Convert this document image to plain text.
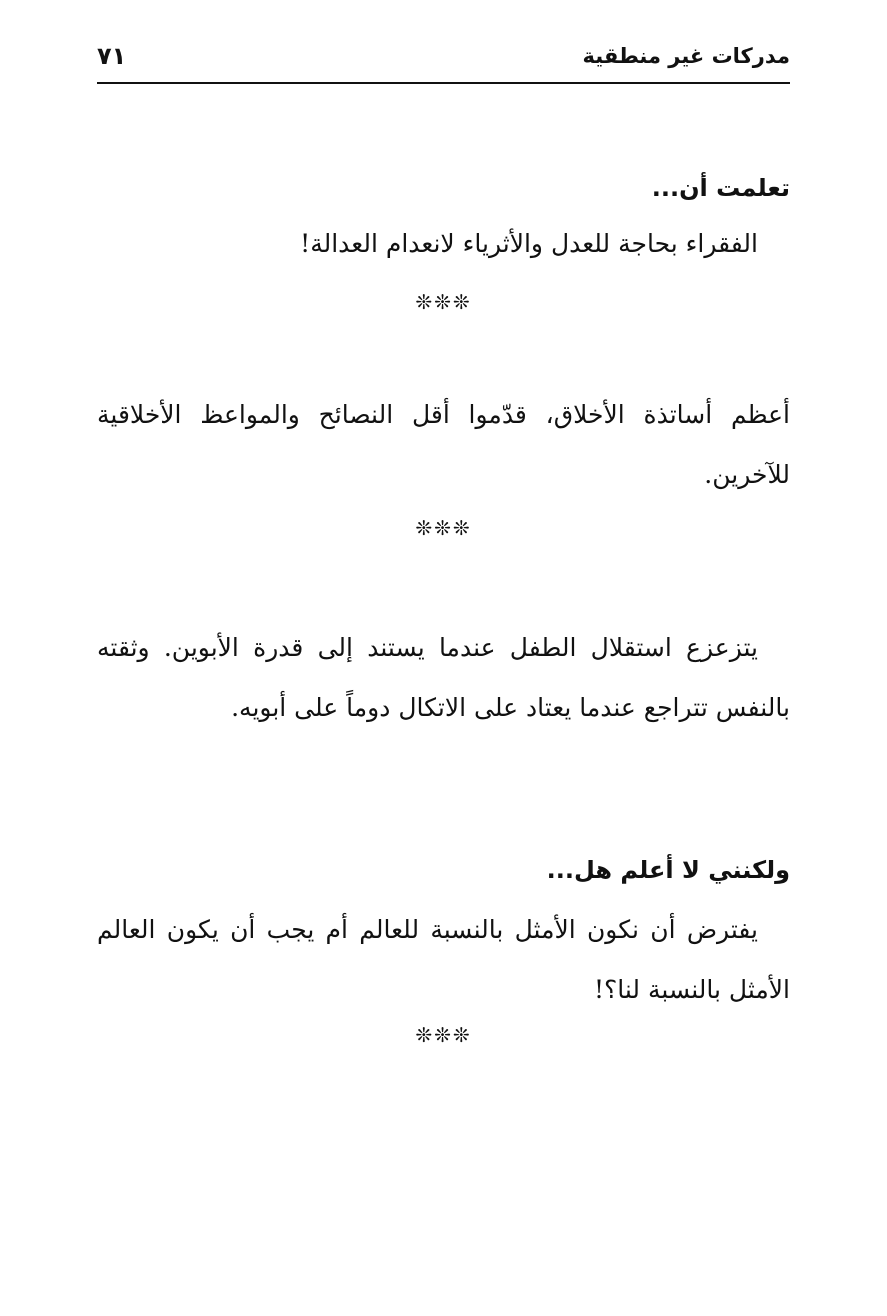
مدركات غير منطقية
٧١
تعلمت أن...
الفقراء بحاجة للعدل والأثرياء لانعدام العدالة!
❊❊❊
أعظم أساتذة الأخلاق، قدّموا أقل النصائح والمواعظ الأخلاقية للآخرين.
❊❊❊
يتزعزع استقلال الطفل عندما يستند إلى قدرة الأبوين. وثقته بالنفس تتراجع عندما يعتاد على الاتكال دوماً على أبويه.
ولكنني لا أعلم هل...
يفترض أن نكون الأمثل بالنسبة للعالم أم يجب أن يكون العالم الأمثل بالنسبة لنا؟!
❊❊❊
